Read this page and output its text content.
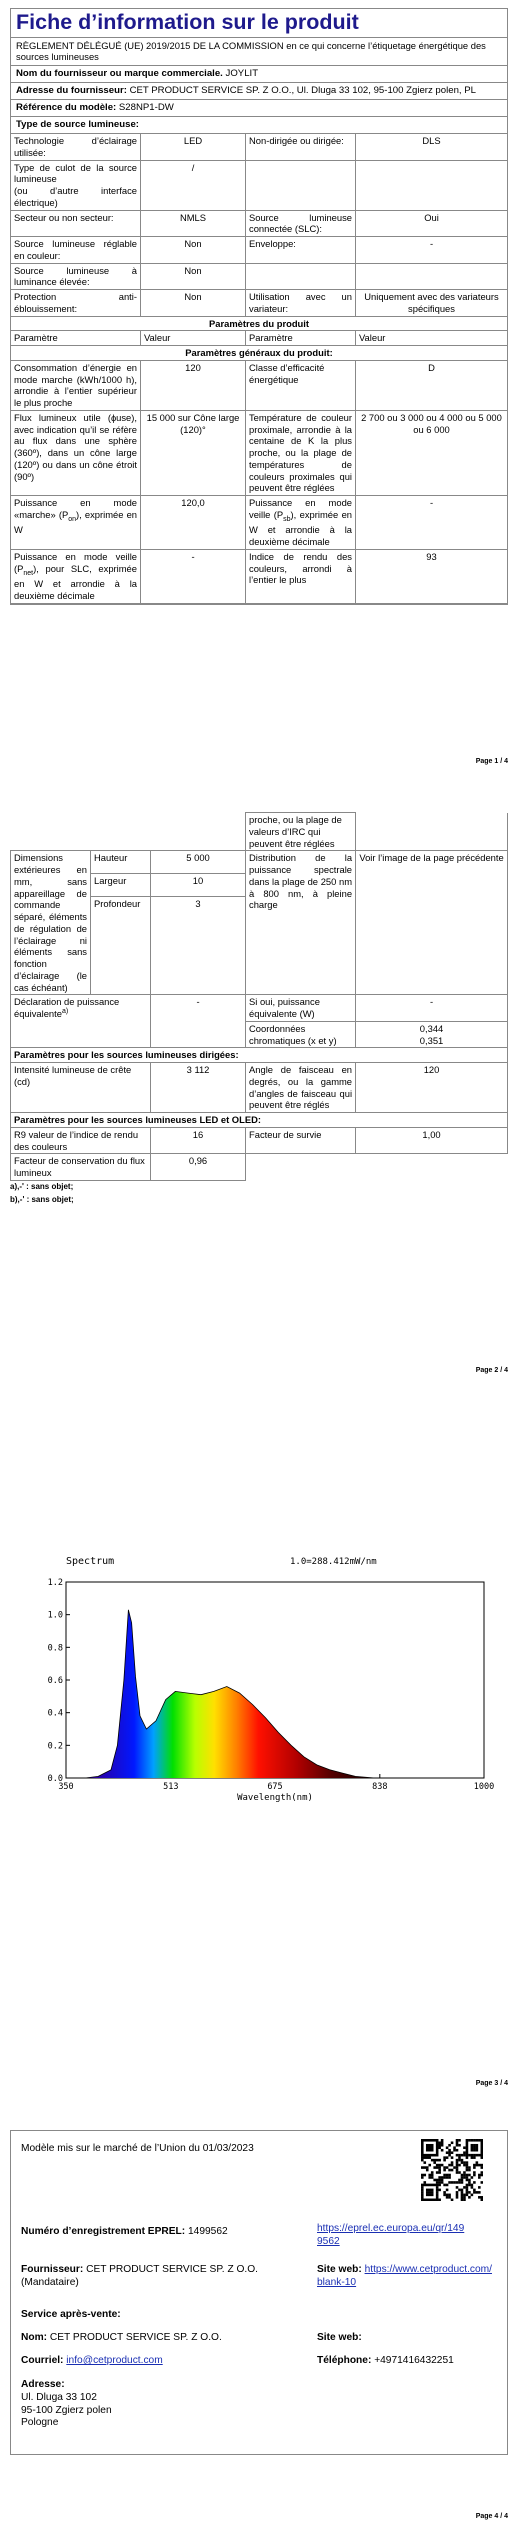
Fiche d’information sur le produit
RÈGLEMENT DÉLÉGUÉ (UE) 2019/2015 DE LA COMMISSION en ce qui concerne l’étiquetage énergétique des sources lumineuses
Nom du fournisseur ou marque commerciale. JOYLIT
Adresse du fournisseur: CET PRODUCT SERVICE SP. Z O.O., Ul. Dluga 33 102, 95-100 Zgierz polen, PL
Référence du modèle: S28NP1-DW
Type de source lumineuse:
Technologie d’éclairage utilisée:	LED	Non-dirigée ou dirigée:	DLS
Type de culot de la source lumineuse
(ou d’autre interface électrique)	/		
Secteur ou non secteur:	NMLS	Source lumineuse connectée (SLC):	Oui
Source lumineuse réglable en couleur:	Non	Enveloppe:	-
Source lumineuse à luminance élevée:	Non		
Protection anti-éblouissement:	Non	Utilisation avec un variateur:	Uniquement avec des variateurs spécifiques
Paramètres du produit			
Paramètre	Valeur	Paramètre	Valeur
Paramètres généraux du produit:			
Consommation d’énergie en mode marche (kWh/1000 h), arrondie à l’entier supérieur le plus proche	120	Classe d’efficacité énergétique	D
Flux lumineux utile (ɸuse), avec indication qu’il se réfère au flux dans une sphère (360º), dans un cône large (120º) ou dans un cône étroit (90º)	15 000 sur Cône large (120)°	Température de couleur proximale, arrondie à la centaine de K la plus proche, ou la plage de températures de couleurs proximales qui peuvent être réglées	2 700 ou 3 000 ou 4 000 ou 5 000 ou 6 000
Puissance en mode «marche» $(P_{on})$, exprimée en W	120,0	Puissance en mode veille $(P_{sb})$, exprimée en W et arrondie à la deuxième décimale	-
Puissance en mode veille $(P_{net})$, pour SLC, exprimée en W et arrondie à la deuxième décimale	-	Indice de rendu des couleurs, arrondi à l’entier le plus	93
Page 1 / 4
			proche, ou la plage de valeurs d’IRC qui peuvent être réglées	
Dimensions extérieures en mm, sans appareillage de commande séparé, éléments de régulation de l’éclairage ni éléments sans fonction d’éclairage (le cas échéant)	Hauteur	5 000	Distribution de la puissance spectrale dans la plage de 250 nm à 800 nm, à pleine charge	Voir l’image de la page précédente
	Largeur	10		
	Profondeur	3		
Déclaration de puissance équivalente$^{a)}$		-	Si oui, puissance équivalente (W)	-
			Coordonnées chromatiques (x et y)	0,344
0,351
Paramètres pour les sources lumineuses dirigées:				
Intensité lumineuse de crête (cd)		3 112	Angle de faisceau en degrés, ou la gamme d’angles de faisceau qui peuvent être réglés	120
Paramètres pour les sources lumineuses LED et OLED:				
R9 valeur de l’indice de rendu des couleurs		16	Facteur de survie	1,00
Facteur de conservation du flux lumineux		0,96		
a),-' : sans objet;
b),-' : sans objet;
Page 2 / 4
Spectrum	1.0=288.412mW/nm
0.0
0.2
0.4
0.6
0.8
1.0
1.2
350	513	675	838	1000
Wavelength(nm)
Page 3 / 4
Modèle mis sur le marché de l’Union du 01/03/2023
Numéro d’enregistrement EPREL: 1499562	https://eprel.ec.europa.eu/qr/1499562
Fournisseur: CET PRODUCT SERVICE SP. Z O.O. (Mandataire)
Site web: https://www.cetproduct.com/blank-10
Service après-vente:
Nom: CET PRODUCT SERVICE SP. Z O.O.	Site web:
Courriel: info@cetproduct.com	Téléphone: +4971416432251
Adresse:
Ul. Dluga 33 102
95-100 Zgierz polen
Pologne
Page 4 / 4
